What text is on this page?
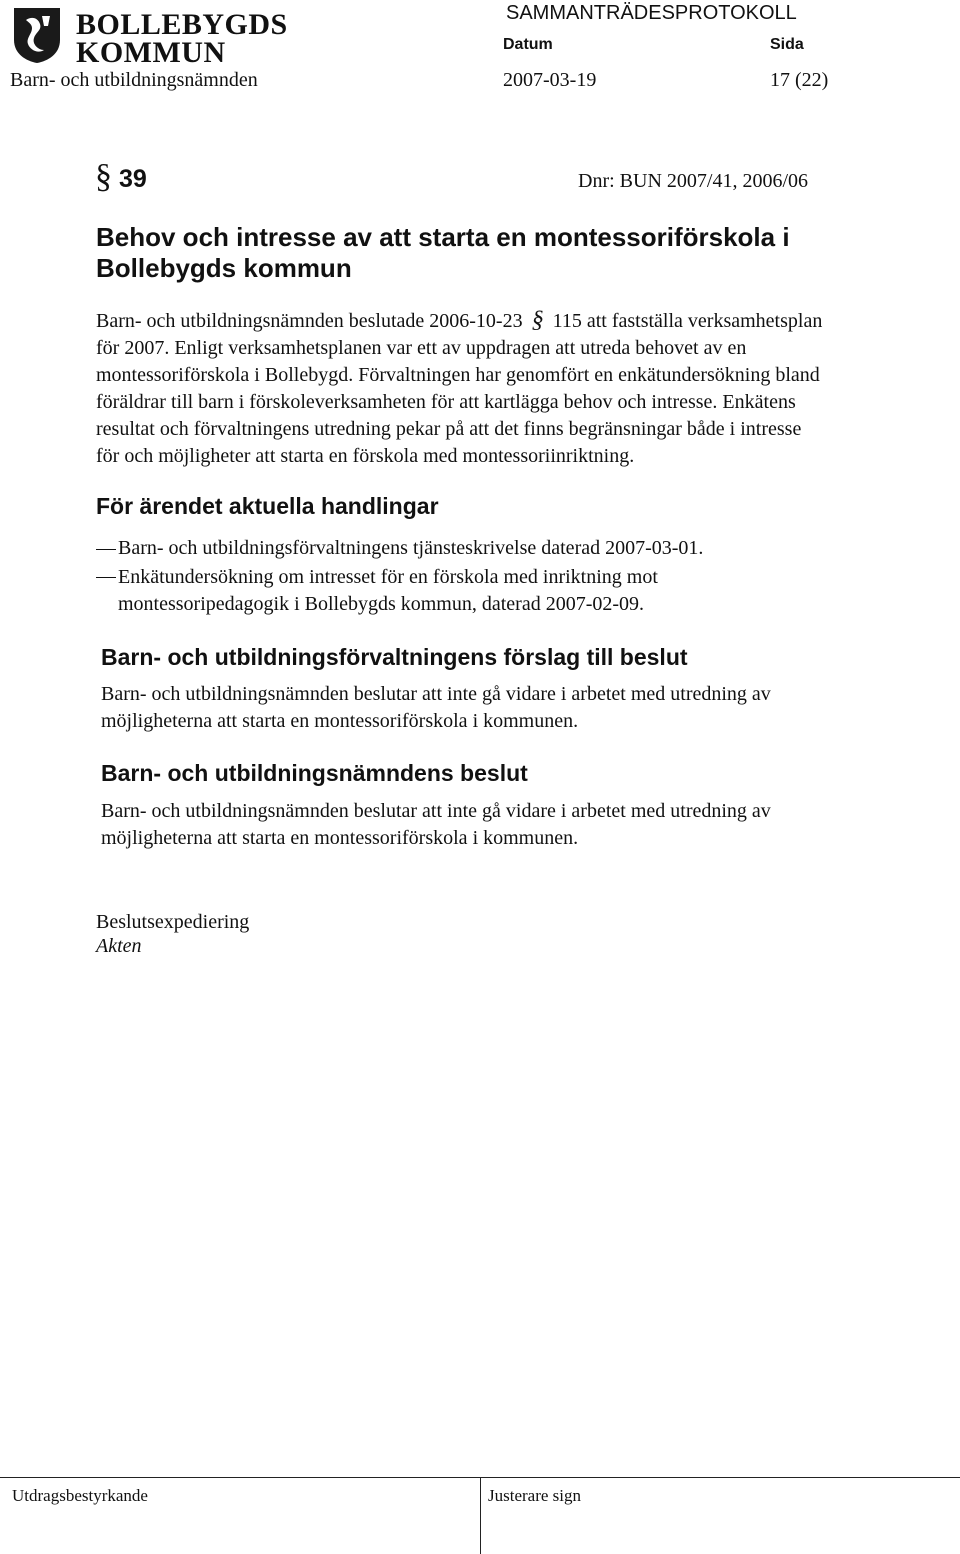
BOLLEBYGDS
KOMMUN
SAMMANTRÄDESPROTOKOLL
Datum	Sida
Barn- och utbildningsnämnden	2007-03-19	17 (22)
§ 39	Dnr: BUN 2007/41, 2006/06
Behov och intresse av att starta en montessoriförskola i
Bollebygds kommun
Barn- och utbildningsnämnden beslutade 2006-10-23 § 115 att fastställa verksamhetsplan
för 2007. Enligt verksamhetsplanen var ett av uppdragen att utreda behovet av en
montessoriförskola i Bollebygd. Förvaltningen har genomfört en enkätundersökning bland
föräldrar till barn i förskoleverksamheten för att kartlägga behov och intresse. Enkätens
resultat och förvaltningens utredning pekar på att det finns begränsningar både i intresse
för och möjligheter att starta en förskola med montessoriinriktning.
För ärendet aktuella handlingar
Barn- och utbildningsförvaltningens tjänsteskrivelse daterad 2007-03-01.
Enkätundersökning om intresset för en förskola med inriktning mot
montessoripedagogik i Bollebygds kommun, daterad 2007-02-09.
Barn- och utbildningsförvaltningens förslag till beslut
Barn- och utbildningsnämnden beslutar att inte gå vidare i arbetet med utredning av
möjligheterna att starta en montessoriförskola i kommunen.
Barn- och utbildningsnämndens beslut
Barn- och utbildningsnämnden beslutar att inte gå vidare i arbetet med utredning av
möjligheterna att starta en montessoriförskola i kommunen.
Beslutsexpediering
Akten
Utdragsbestyrkande	Justerare sign
